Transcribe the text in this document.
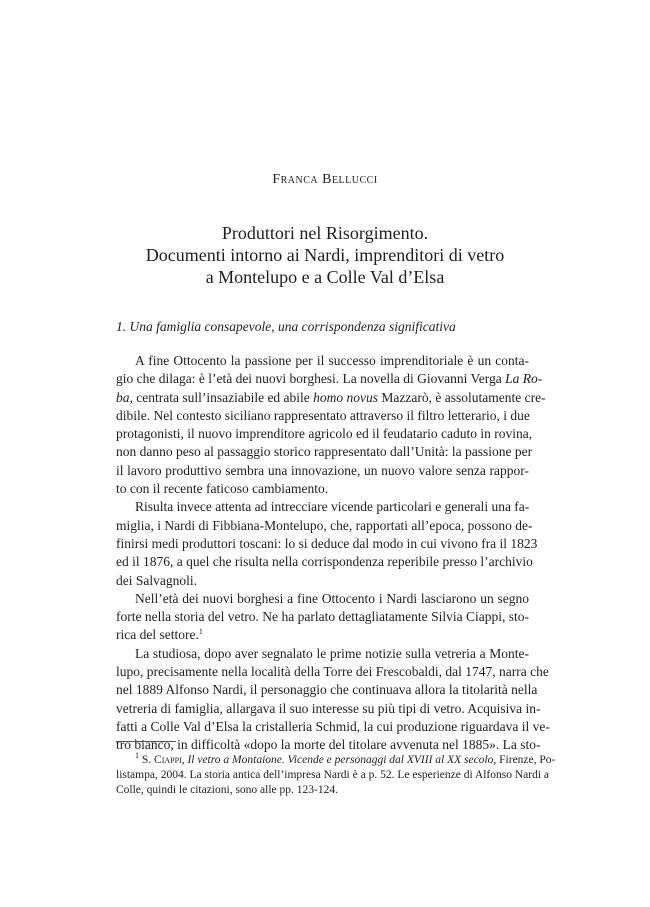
Franca Bellucci
Produttori nel Risorgimento.
Documenti intorno ai Nardi, imprenditori di vetro
a Montelupo e a Colle Val d’Elsa
1. Una famiglia consapevole, una corrispondenza significativa
A fine Ottocento la passione per il successo imprenditoriale è un conta-
gio che dilaga: è l’età dei nuovi borghesi. La novella di Giovanni Verga La Ro-
ba, centrata sull’insaziabile ed abile homo novus Mazzarò, è assolutamente cre-
dibile. Nel contesto siciliano rappresentato attraverso il filtro letterario, i due
protagonisti, il nuovo imprenditore agricolo ed il feudatario caduto in rovina,
non danno peso al passaggio storico rappresentato dall’Unità: la passione per
il lavoro produttivo sembra una innovazione, un nuovo valore senza rappor-
to con il recente faticoso cambiamento.
Risulta invece attenta ad intrecciare vicende particolari e generali una fa-
miglia, i Nardi di Fibbiana-Montelupo, che, rapportati all’epoca, possono de-
finirsi medi produttori toscani: lo si deduce dal modo in cui vivono fra il 1823
ed il 1876, a quel che risulta nella corrispondenza reperibile presso l’archivio
dei Salvagnoli.
Nell’età dei nuovi borghesi a fine Ottocento i Nardi lasciarono un segno
forte nella storia del vetro. Ne ha parlato dettagliatamente Silvia Ciappi, sto-
rica del settore.$^1$
La studiosa, dopo aver segnalato le prime notizie sulla vetreria a Monte-
lupo, precisamente nella località della Torre dei Frescobaldi, dal 1747, narra che
nel 1889 Alfonso Nardi, il personaggio che continuava allora la titolarità nella
vetreria di famiglia, allargava il suo interesse su più tipi di vetro. Acquisiva in-
fatti a Colle Val d’Elsa la cristalleria Schmid, la cui produzione riguardava il ve-
tro bianco, in difficoltà «dopo la morte del titolare avvenuta nel 1885». La sto-
$^1$ S. Ciappi, Il vetro a Montaione. Vicende e personaggi dal XVIII al XX secolo, Firenze, Po-
listampa, 2004. La storia antica dell’impresa Nardi è a p. 52. Le esperienze di Alfonso Nardi a
Colle, quindi le citazioni, sono alle pp. 123-124.
